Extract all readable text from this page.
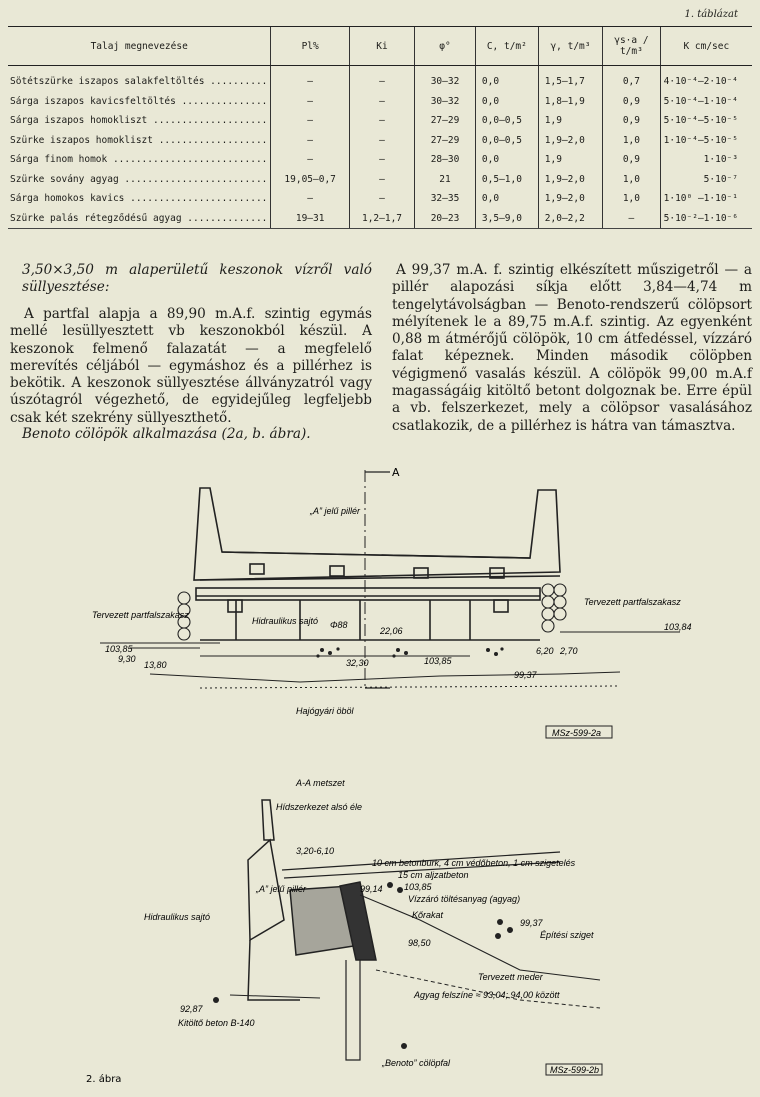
1. táblázat
Talaj megnevezése	Pl%	Ki	φ°	C, t/m²	γ, t/m³	γs·a / t/m³	K cm/sec
Sötétszürke iszapos salakfeltöltés ..........	—	—	30—32	0,0	1,5—1,7	0,7	4·10⁻⁴—2·10⁻⁴
Sárga iszapos kavicsfeltöltés ...............	—	—	30—32	0,0	1,8—1,9	0,9	5·10⁻⁴—1·10⁻⁴
Sárga iszapos homokliszt ....................	—	—	27—29	0,0—0,5	1,9	0,9	5·10⁻⁴—5·10⁻⁵
Szürke iszapos homokliszt ...................	—	—	27—29	0,0—0,5	1,9—2,0	1,0	1·10⁻⁴—5·10⁻⁵
Sárga finom homok ...........................	—	—	28—30	0,0	1,9	0,9	1·10⁻³
Szürke sovány agyag .........................	19,05—0,7	—	21	0,5—1,0	1,9—2,0	1,0	5·10⁻⁷
Sárga homokos kavics ........................	—	—	32—35	0,0	1,9—2,0	1,0	1·10⁰ —1·10⁻¹
Szürke palás rétegződésű agyag ..............	19—31	1,2—1,7	20—23	3,5—9,0	2,0—2,2	—	5·10⁻²—1·10⁻⁶
3,50×3,50 m alaperületű keszonok vízről való süllyesztése:
A partfal alapja a 89,90 m.A.f. szintig egymás mellé lesüllyesztett vb keszonokból készül. A keszonok felmenő falazatát — a megfelelő merevítés céljából — egymáshoz és a pillérhez is bekötik. A keszonok süllyesztése állványzatról vagy úszótagról végezhető, de egyidejűleg legfeljebb csak két szekrény süllyeszthető.
Benoto cölöpök alkalmazása (2a, b. ábra).
A 99,37 m.A. f. szintig elkészített műszigetről — a pillér alapozási síkja előtt 3,84—4,74 m tengelytávolságban — Benoto-rendszerű cölöpsort mélyítenek le a 89,75 m.A.f. szintig. Az egyenként 0,88 m átmérőjű cölöpök, 10 cm átfedéssel, vízzáró falat képeznek. Minden második cölöpben végigmenő vasalás készül. A cölöpök 99,00 m.A.f magasságáig kitöltő betont dolgoznak be. Erre épül a vb. felszerkezet, mely a cölöpsor vasalásához csatlakozik, de a pillérhez is hátra van támasztva.
A
„A” jelű pillér
Tervezett partfalszakasz
Tervezett partfalszakasz
Hidraulikus sajtó
103,85
9,30
13,80
22,06
Φ88
32,30	103,85
6,20 2,70
103,84
99,37
Hajógyári öböl
MSz-599-2a
A-A metszet
Hídszerkezet alsó éle
3,20-6,10
10 cm betonburk, 4 cm védőbeton, 1 cm szigetelés
15 cm aljzatbeton
103,85
99,14
„A” jelű pillér
Hidraulikus sajtó
Vízzáró töltésanyag (agyag)
Kőrakat
98,50
99,37
Építési sziget
Tervezett meder
Agyag felszíne ≈ 93,04; 94,00 között
92,87
Kitöltő beton B-140
„Benoto” cölöpfal
MSz-599-2b
2. ábra
